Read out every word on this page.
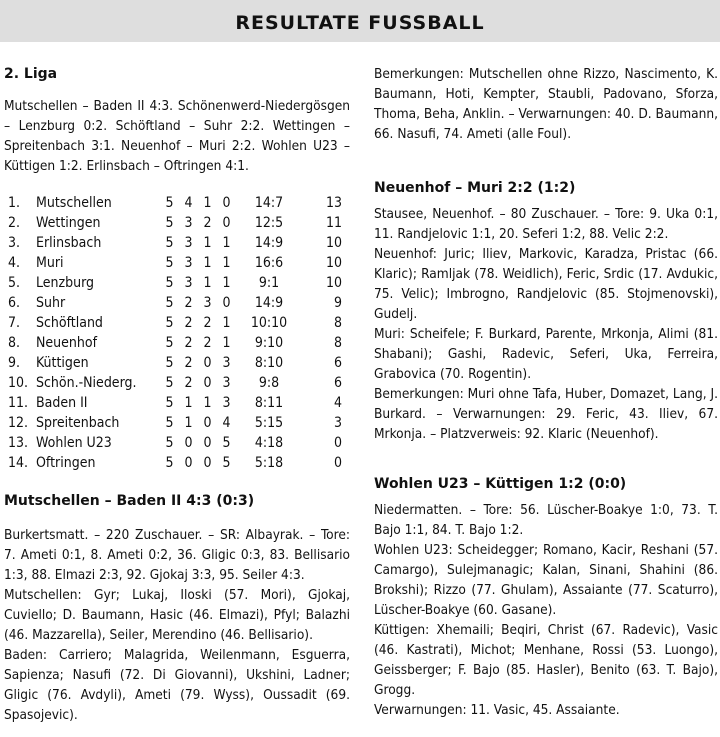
RESULTATE FUSSBALL
2. Liga

Mutschellen – Baden II 4:3. Schönenwerd-Niedergösgen – Lenzburg 0:2. Schöftland – Suhr 2:2. Wettingen – Spreitenbach 3:1. Neuenhof – Muri 2:2. Wohlen U23 – Küttigen 1:2. Erlinsbach – Oftringen 4:1.

1.	Mutschellen	5	4	1	0	14:7	13
2.	Wettingen	5	3	2	0	12:5	11
3.	Erlinsbach	5	3	1	1	14:9	10
4.	Muri	5	3	1	1	16:6	10
5.	Lenzburg	5	3	1	1	9:1	10
6.	Suhr	5	2	3	0	14:9	9
7.	Schöftland	5	2	2	1	10:10	8
8.	Neuenhof	5	2	2	1	9:10	8
9.	Küttigen	5	2	0	3	8:10	6
10.	Schön.-Niederg.	5	2	0	3	9:8	6
11.	Baden II	5	1	1	3	8:11	4
12.	Spreitenbach	5	1	0	4	5:15	3
13.	Wohlen U23	5	0	0	5	4:18	0
14.	Oftringen	5	0	0	5	5:18	0
Mutschellen – Baden II 4:3 (0:3)

Burkertsmatt. – 220 Zuschauer. – SR: Albayrak. – Tore: 7. Ameti 0:1, 8. Ameti 0:2, 36. Gligic 0:3, 83. Bellisario 1:3, 88. Elmazi 2:3, 92. Gjokaj 3:3, 95. Seiler 4:3.

Mutschellen: Gyr; Lukaj, Iloski (57. Mori), Gjokaj, Cuviello; D. Baumann, Hasic (46. Elmazi), Pfyl; Balazhi (46. Mazzarella), Seiler, Merendino (46. Bellisario).

Baden: Carriero; Malagrida, Weilenmann, Esguerra, Sapienza; Nasufi (72. Di Giovanni), Ukshini, Ladner; Gligic (76. Avdyli), Ameti (79. Wyss), Oussadit (69. Spasojevic).

Bemerkungen: Mutschellen ohne Rizzo, Nascimento, K. Baumann, Hoti, Kempter, Staubli, Padovano, Sforza, Thoma, Beha, Anklin. – Verwarnungen: 40. D. Baumann, 66. Nasufi, 74. Ameti (alle Foul).

Neuenhof – Muri 2:2 (1:2)

Stausee, Neuenhof. – 80 Zuschauer. – Tore: 9. Uka 0:1, 11. Randjelovic 1:1, 20. Seferi 1:2, 88. Velic 2:2.

Neuenhof: Juric; Iliev, Markovic, Karadza, Pristac (66. Klaric); Ramljak (78. Weidlich), Feric, Srdic (17. Avdukic, 75. Velic); Imbrogno, Randjelovic (85. Stojmenovski), Gudelj.

Muri: Scheifele; F. Burkard, Parente, Mrkonja, Alimi (81. Shabani); Gashi, Radevic, Seferi, Uka, Ferreira, Grabovica (70. Rogentin).

Bemerkungen: Muri ohne Tafa, Huber, Domazet, Lang, J. Burkard. – Verwarnungen: 29. Feric, 43. Iliev, 67. Mrkonja. – Platzverweis: 92. Klaric (Neuenhof).

Wohlen U23 – Küttigen 1:2 (0:0)

Niedermatten. – Tore: 56. Lüscher-Boakye 1:0, 73. T. Bajo 1:1, 84. T. Bajo 1:2.

Wohlen U23: Scheidegger; Romano, Kacir, Reshani (57. Camargo), Sulejmanagic; Kalan, Sinani, Shahini (86. Brokshi); Rizzo (77. Ghulam), Assaiante (77. Scaturro), Lüscher-Boakye (60. Gasane).

Küttigen: Xhemaili; Beqiri, Christ (67. Radevic), Vasic (46. Kastrati), Michot; Menhane, Rossi (53. Luongo), Geissberger; F. Bajo (85. Hasler), Benito (63. T. Bajo), Grogg.

Verwarnungen: 11. Vasic, 45. Assaiante.
